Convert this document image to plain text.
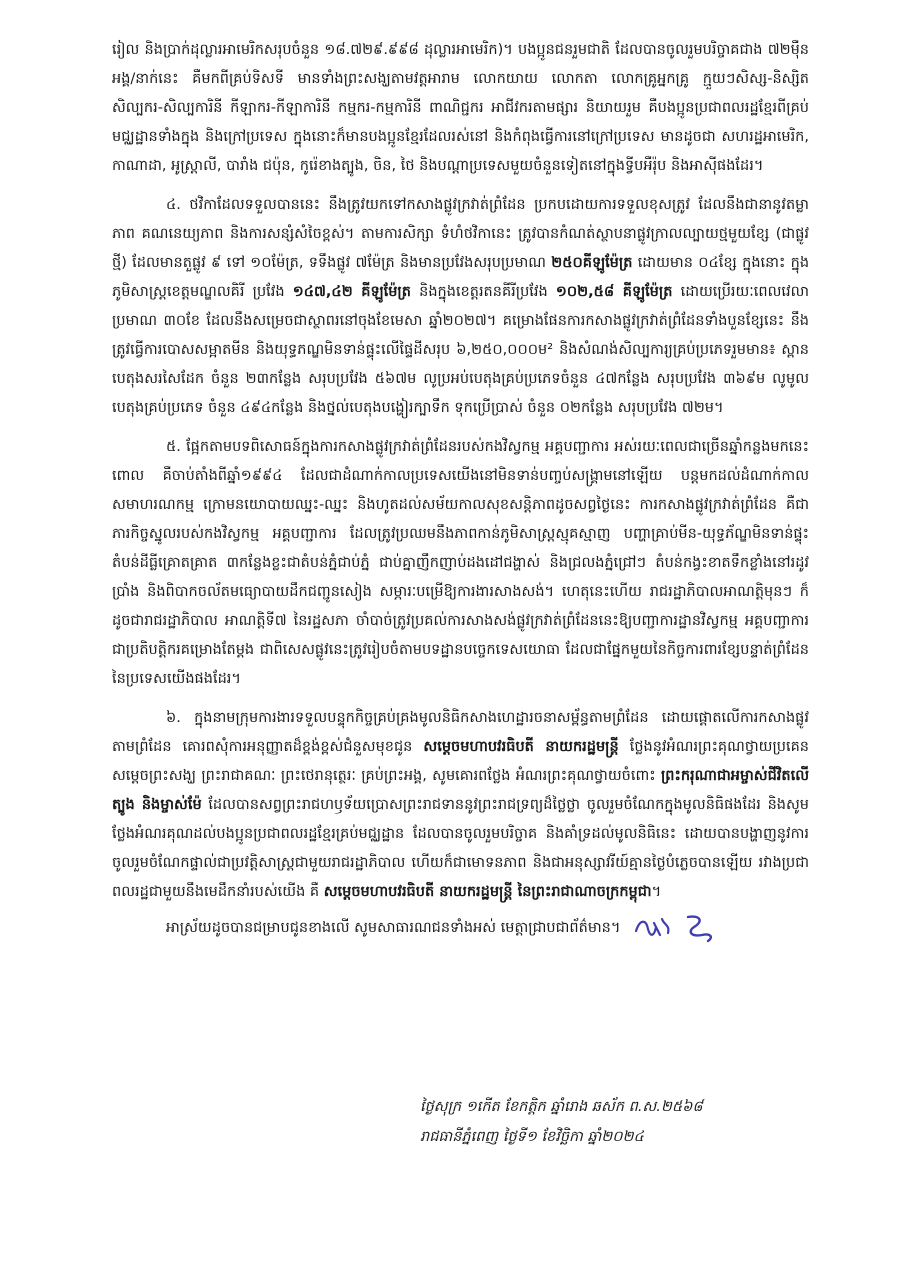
រៀល និងប្រាក់ដុល្លារអាមេរិកសរុបចំនួន ១៨.៧២៩.៩៩៨ ដុល្លារអាមេរិក)។ បងប្អូនជនរួមជាតិ ដែលបានចូលរួមបរិច្ចាគជាង ៧២ម៉ឺនអង្គ/នាក់នេះ គឺមកពីគ្រប់ទិសទី មានទាំងព្រះសង្ឃតាមវត្តអារាម លោកយាយ លោកតា លោកគ្រូអ្នកគ្រូ ក្មួយៗសិស្ស-និស្សិត សិល្បករ-សិល្បការិនី កីឡាករ-កីឡាការិនី កម្មករ-កម្មការិនី ពាណិជ្ជករ អាជីវករតាមផ្សារ និយាយរួម គឺបងប្អូនប្រជាពលរដ្ឋខ្មែរពីគ្រប់មជ្ឈដ្ឋានទាំងក្នុង និងក្រៅប្រទេស ក្នុងនោះក៏មានបងប្អូនខ្មែរដែលរស់នៅ និងកំពុងធ្វើការនៅក្រៅប្រទេស មានដូចជា សហរដ្ឋអាមេរិក, កាណាដា, អូស្ត្រាលី, បារាំង ជប៉ុន, កូរ៉េខាងត្បូង, ចិន, ថៃ និងបណ្ដាប្រទេសមួយចំនួនទៀតនៅក្នុងទ្វីបអឺរ៉ុប និងអាស៊ីផងដែរ។

៤. ថវិកាដែលទទួលបាននេះ នឹងត្រូវយកទៅកសាងផ្លូវក្រវាត់ព្រំដែន ប្រកបដោយការទទួលខុសត្រូវ ដែលនឹងជានានូវតម្លាភាព គណនេយ្យភាព និងការសន្សំសំចៃខ្ពស់។ តាមការសិក្សា ទំហំថវិកានេះ ត្រូវបានកំណត់ស្ថាបនាផ្លូវក្រាលល្បាយថ្មមួយខ្សែ (ជាផ្លូវថ្មី) ដែលមានតួផ្លូវ ៩ ទៅ ១០ម៉ែត្រ, ទទឹងផ្លូវ ៧ម៉ែត្រ និងមានប្រវែងសរុបប្រមាណ ២៥០គីឡូម៉ែត្រ ដោយមាន ០៤ខ្សែ ក្នុងនោះ ក្នុងភូមិសាស្ត្រខេត្តមណ្ឌលគិរី ប្រវែង ១៤៧,៤២ គីឡូម៉ែត្រ និងក្នុងខេត្តរតនគីរីប្រវែង ១០២,៥៨ គីឡូម៉ែត្រ ដោយប្រើរយៈពេលវេលាប្រមាណ ៣០ខែ ដែលនឹងសម្រេចជាស្ថាពរនៅចុងខែមេសា ឆ្នាំ២០២៧។ គម្រោងផែនការកសាងផ្លូវក្រវាត់ព្រំដែនទាំងបួនខ្សែនេះ នឹងត្រូវធ្វើការបោសសម្អាតមីន និងយុទ្ធភណ្ឌមិនទាន់ផ្ទុះលើផ្ទៃដីសរុប ៦,២៥០,០០០ម² និងសំណង់សិល្បការ្យគ្រប់ប្រភេទរួមមាន៖ ស្ពានបេតុងសរសៃដែក ចំនួន ២៣កន្លែង សរុបប្រវែង ៥៦៧ម លូប្រអប់បេតុងគ្រប់ប្រភេទចំនួន ៤៧កន្លែង សរុបប្រវែង ៣៦៩ម លូមូលបេតុងគ្រប់ប្រភេទ ចំនួន ៤៩៤កន្លែង និងថ្នល់បេតុងបង្ហៀរក្បាទឹក ទុកប្រើប្រាស់ ចំនួន ០២កន្លែង សរុបប្រវែង ៧២ម។

៥. ផ្អែកតាមបទពិសោធន៍ក្នុងការកសាងផ្លូវក្រវាត់ព្រំដែនរបស់កងវិស្វកម្ម អគ្គបញ្ជាការ អស់រយៈពេលជាច្រើនឆ្នាំកន្លងមកនេះ ពោល គឺចាប់តាំងពីឆ្នាំ១៩៩៤ ដែលជាដំណាក់កាលប្រទេសយើងនៅមិនទាន់បញ្ចប់សង្គ្រាមនៅឡើយ បន្តមកដល់ដំណាក់កាលសមាហរណកម្ម ក្រោមនយោបាយឈ្នះ-ឈ្នះ និងហូតដល់សម័យកាលសុខសន្តិភាពដូចសព្វថ្ងៃនេះ ការកសាងផ្លូវក្រវាត់ព្រំដែន គឺជាភារកិច្ចស្នូលរបស់កងវិស្វកម្ម អគ្គបញ្ជាការ ដែលត្រូវប្រឈមនឹងភាពកាន់ភូមិសាស្ត្រស្មុគស្មាញ បញ្ហាគ្រាប់មីន-យុទ្ធភ័ណ្ឌមិនទាន់ផ្ទុះ តំបន់ដីធ្លីគ្រោតគ្រាត ៣កន្លែងខ្លះជាតំបន់ភ្នំជាប់ភ្នំ ជាប់គ្នាញឹកញាប់ដងដៅជង្ហាស់ និងជ្រលងភ្នំជ្រៅៗ តំបន់កង្វះខាតទឹកខ្លាំងនៅរដូវប្រាំង និងពិបាកចល័តមធ្យោបាយដឹកជញ្ជូនសៀង សម្ភារៈបម្រើឱ្យការងារសាងសង់។ ហេតុនេះហើយ រាជរដ្ឋាភិបាលអាណត្តិមុនៗ ក៏ដូចជារាជរដ្ឋាភិបាល អាណត្តិទី៧ នៃរដ្ឋសភា ចាំបាច់ត្រូវប្រគល់ការសាងសង់ផ្លូវក្រវាត់ព្រំដែននេះឱ្យបញ្ជាការដ្ឋានវិស្វកម្ម អគ្គបញ្ជាការ ជាប្រតិបត្តិករគម្រោងតែម្ដង ជាពិសេសផ្លូវនេះត្រូវរៀបចំតាមបទដ្ឋានបច្ចេកទេសយោធា ដែលជាផ្នែកមួយនៃកិច្ចការពារខ្សែបន្ទាត់ព្រំដែននៃប្រទេសយើងផងដែរ។

៦. ក្នុងនាមក្រុមការងារទទួលបន្ទុកកិច្ចគ្រប់គ្រងមូលនិធិកសាងហេដ្ឋារចនាសម្ព័ន្ធតាមព្រំដែន ដោយផ្ដោតលើការកសាងផ្លូវតាមព្រំដែន គោរពសុំការអនុញ្ញាតដ៏ខ្ពង់ខ្ពស់ជំនួសមុខជូន សម្ដេចមហាបវរធិបតី នាយករដ្ឋមន្ត្រី ថ្លែងនូវអំណរព្រះគុណថ្វាយប្រគេនសម្ដេចព្រះសង្ឃ ព្រះរាជាគណៈ ព្រះថេរានុត្ថេរៈ គ្រប់ព្រះអង្គ, សូមគោរពថ្លែង អំណរព្រះគុណថ្វាយចំពោះ ព្រះករុណាជាអម្ចាស់ជីវិតលើត្បូង និងម្ចាស់ម៉ែ ដែលបានសព្វព្រះរាជហឫទ័យប្រោសព្រះរាជទាននូវព្រះរាជទ្រព្យដ៏ថ្លៃថ្លា ចូលរួមចំណែកក្នុងមូលនិធិផងដែរ និងសូមថ្លែងអំណរគុណដល់បងប្អូនប្រជាពលរដ្ឋខ្មែរគ្រប់មជ្ឈដ្ឋាន ដែលបានចូលរួមបរិច្ចាគ និងគាំទ្រដល់មូលនិធិនេះ ដោយបានបង្ហាញនូវការចូលរួមចំណែកផ្ទាល់ជាប្រវត្តិសាស្ត្រជាមួយរាជរដ្ឋាភិបាល ហើយក៏ជាមោទនភាព និងជាអនុស្សាវរីយ៍គ្មានថ្ងៃបំភ្លេចបានឡើយ រវាងប្រជាពលរដ្ឋជាមួយនឹងមេដឹកនាំរបស់យើង គឺ សម្ដេចមហាបវរធិបតី នាយករដ្ឋមន្ត្រី នៃព្រះរាជាណាចក្រកម្ពុជា។

អាស្រ័យដូចបានជម្រាបជូនខាងលើ សូមសាធារណជនទាំងអស់ មេត្តាជ្រាបជាព័ត៌មាន។

ថ្ងៃសុក្រ ១កើត ខែកត្តិក ឆ្នាំរោង ឆស័ក ព.ស.២៥៦៨
រាជធានីភ្នំពេញ ថ្ងៃទី១ ខែវិច្ឆិកា ឆ្នាំ២០២៤
